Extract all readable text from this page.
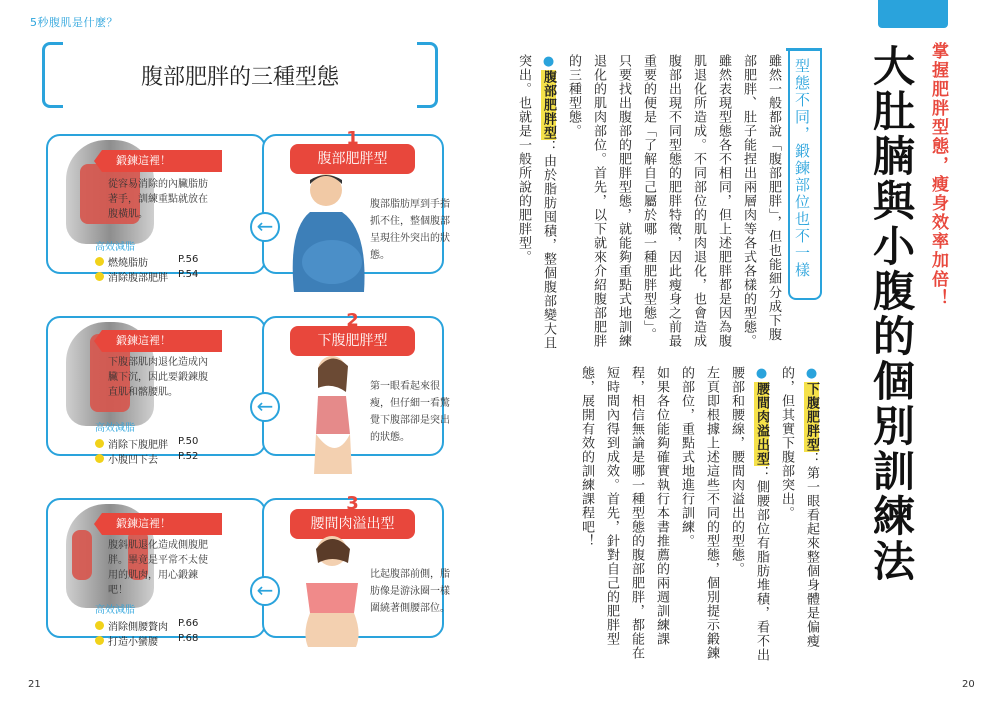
5秒腹肌是什麼？
21	20
腹部肥胖的三種型態
鍛鍊這裡！
從容易消除的內臟脂肪著手，訓練重點就放在腹橫肌。
高效減脂
燃燒脂肪	P.56
消除腹部肥胖 P.54
鍛鍊這裡！
下腹部肌肉退化造成內臟下沉，因此要鍛鍊腹直肌和髂腰肌。
高效減脂
消除下腹肥胖 P.50
小腹凹下去 P.52
鍛鍊這裡！
腹斜肌退化造成側腹肥胖。畢竟是平常不太使用的肌肉，用心鍛鍊吧！
高效減脂
消除側腰贅肉 P.66
打造小蠻腰 P.68
←
←
←
1
腹部肥胖型
2
下腹肥胖型
3
腰間肉溢出型
腹部脂肪厚到手指抓不住，整個腹部呈現往外突出的狀態。
第一眼看起來很瘦，但仔細一看驚覺下腹部卻是突出的狀態。
比起腹部前側，脂肪像是游泳圈一樣圍繞著側腰部位。
大肚腩與小腹的個別訓練法 掌握肥胖型態，瘦身效率加倍！
型態不同，鍛鍊部位也不一樣
雖然一般都說「腹部肥胖」，但也能細分成下腹部肥胖、肚子能捏出兩層肉等各式各樣的型態。雖然表現型態各不相同，但上述肥胖都是因為腹肌退化所造成。不同部位的肌肉退化，也會造成腹部出現不同型態的肥胖特徵，因此瘦身之前最重要的便是「了解自己屬於哪一種肥胖型態」。只要找出腹部的肥胖型態，就能夠重點式地訓練退化的肌肉部位。首先，以下就來介紹腹部肥胖的三種型態。
●腹部肥胖型：由於脂肪囤積，整個腹部變大且突出。也就是一般所說的肥胖型。
●下腹肥胖型：第一眼看起來整個身體是偏瘦的，但其實下腹部突出。
●腰間肉溢出型：側腰部位有脂肪堆積，看不出腰部和腰線，腰間肉溢出的型態。
左頁即根據上述這些不同的型態，個別提示鍛鍊的部位，重點式地進行訓練。
如果各位能夠確實執行本書推薦的兩週訓練課程，相信無論是哪一種型態的腹部肥胖，都能在短時間內得到成效。首先，針對自己的肥胖型態，展開有效的訓練課程吧！
